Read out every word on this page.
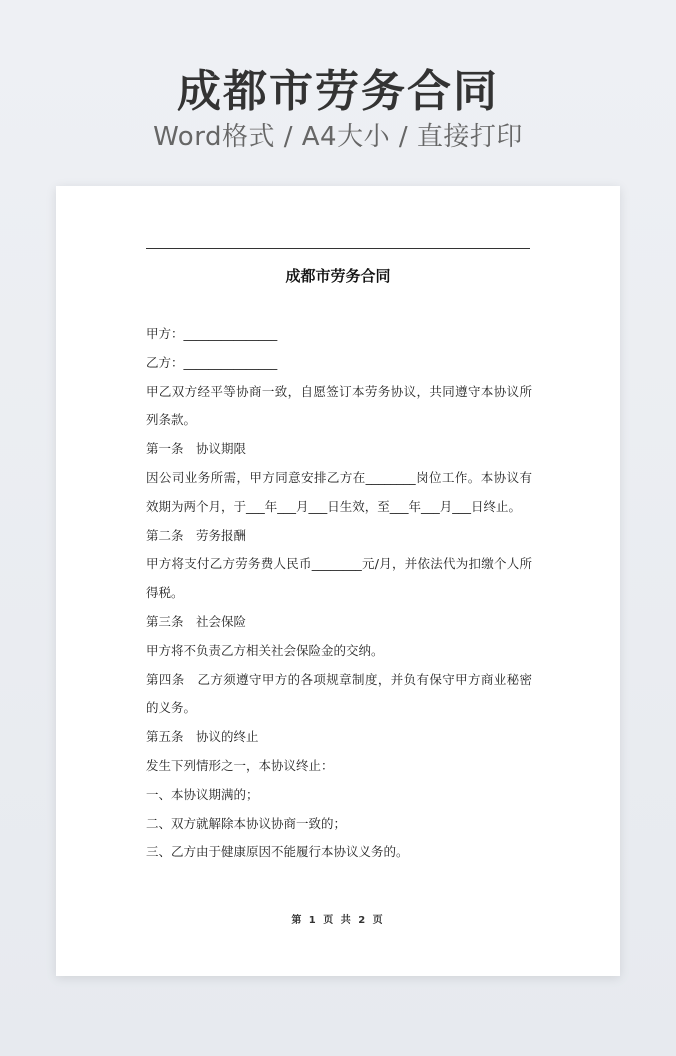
成都市劳务合同
Word格式 / A4大小 / 直接打印
成都市劳务合同

甲方：_______________

乙方：_______________

甲乙双方经平等协商一致，自愿签订本劳务协议，共同遵守本协议所列条款。

第一条　协议期限

因公司业务所需，甲方同意安排乙方在________岗位工作。本协议有效期为两个月，于___年___月___日生效，至___年___月___日终止。

第二条　劳务报酬

甲方将支付乙方劳务费人民币________元/月，并依法代为扣缴个人所得税。

第三条　社会保险

甲方将不负责乙方相关社会保险金的交纳。

第四条　乙方须遵守甲方的各项规章制度，并负有保守甲方商业秘密的义务。

第五条　协议的终止

发生下列情形之一，本协议终止：

一、本协议期满的；

二、双方就解除本协议协商一致的；

三、乙方由于健康原因不能履行本协议义务的。

第 1 页 共 2 页
